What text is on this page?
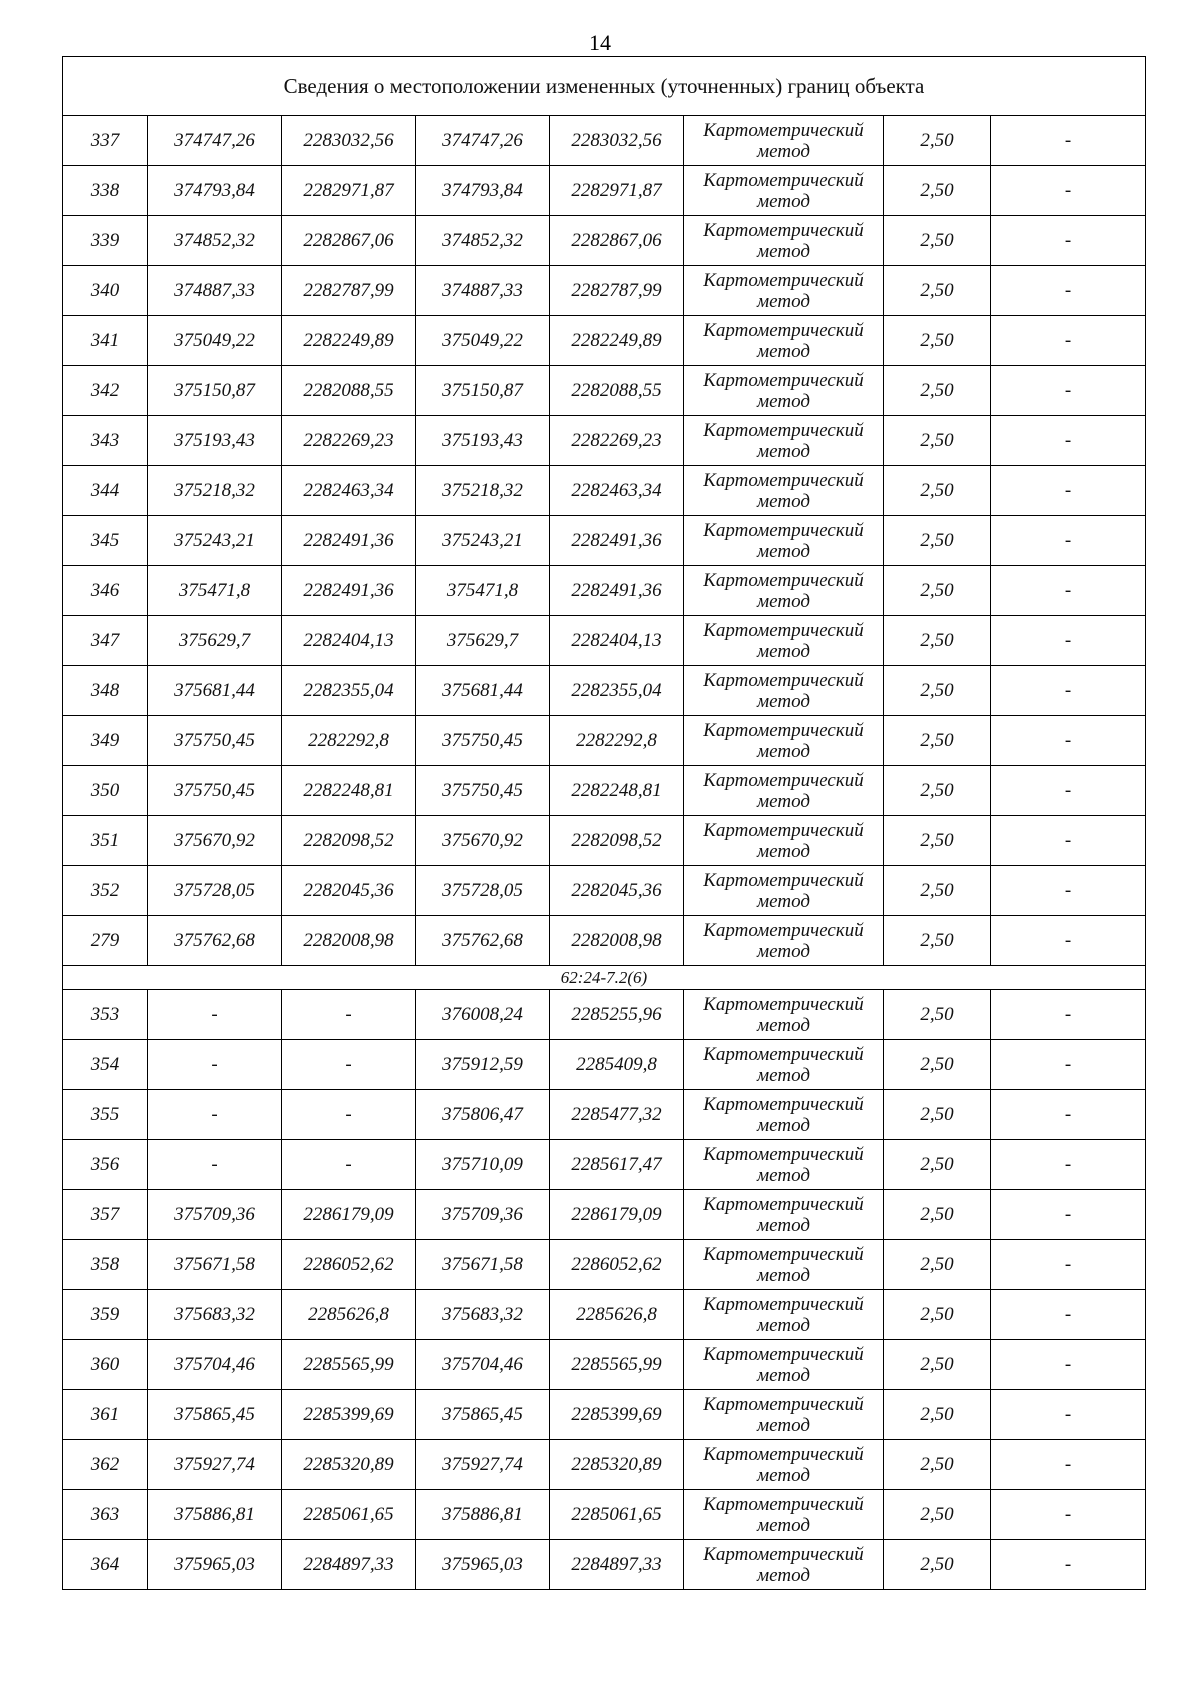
14
Сведения о местоположении измененных (уточненных) границ объекта							
337	374747,26	2283032,56	374747,26	2283032,56	Картометрический метод	2,50	-
338	374793,84	2282971,87	374793,84	2282971,87	Картометрический метод	2,50	-
339	374852,32	2282867,06	374852,32	2282867,06	Картометрический метод	2,50	-
340	374887,33	2282787,99	374887,33	2282787,99	Картометрический метод	2,50	-
341	375049,22	2282249,89	375049,22	2282249,89	Картометрический метод	2,50	-
342	375150,87	2282088,55	375150,87	2282088,55	Картометрический метод	2,50	-
343	375193,43	2282269,23	375193,43	2282269,23	Картометрический метод	2,50	-
344	375218,32	2282463,34	375218,32	2282463,34	Картометрический метод	2,50	-
345	375243,21	2282491,36	375243,21	2282491,36	Картометрический метод	2,50	-
346	375471,8	2282491,36	375471,8	2282491,36	Картометрический метод	2,50	-
347	375629,7	2282404,13	375629,7	2282404,13	Картометрический метод	2,50	-
348	375681,44	2282355,04	375681,44	2282355,04	Картометрический метод	2,50	-
349	375750,45	2282292,8	375750,45	2282292,8	Картометрический метод	2,50	-
350	375750,45	2282248,81	375750,45	2282248,81	Картометрический метод	2,50	-
351	375670,92	2282098,52	375670,92	2282098,52	Картометрический метод	2,50	-
352	375728,05	2282045,36	375728,05	2282045,36	Картометрический метод	2,50	-
279	375762,68	2282008,98	375762,68	2282008,98	Картометрический метод	2,50	-
62:24-7.2(6)							
353	-	-	376008,24	2285255,96	Картометрический метод	2,50	-
354	-	-	375912,59	2285409,8	Картометрический метод	2,50	-
355	-	-	375806,47	2285477,32	Картометрический метод	2,50	-
356	-	-	375710,09	2285617,47	Картометрический метод	2,50	-
357	375709,36	2286179,09	375709,36	2286179,09	Картометрический метод	2,50	-
358	375671,58	2286052,62	375671,58	2286052,62	Картометрический метод	2,50	-
359	375683,32	2285626,8	375683,32	2285626,8	Картометрический метод	2,50	-
360	375704,46	2285565,99	375704,46	2285565,99	Картометрический метод	2,50	-
361	375865,45	2285399,69	375865,45	2285399,69	Картометрический метод	2,50	-
362	375927,74	2285320,89	375927,74	2285320,89	Картометрический метод	2,50	-
363	375886,81	2285061,65	375886,81	2285061,65	Картометрический метод	2,50	-
364	375965,03	2284897,33	375965,03	2284897,33	Картометрический метод	2,50	-
